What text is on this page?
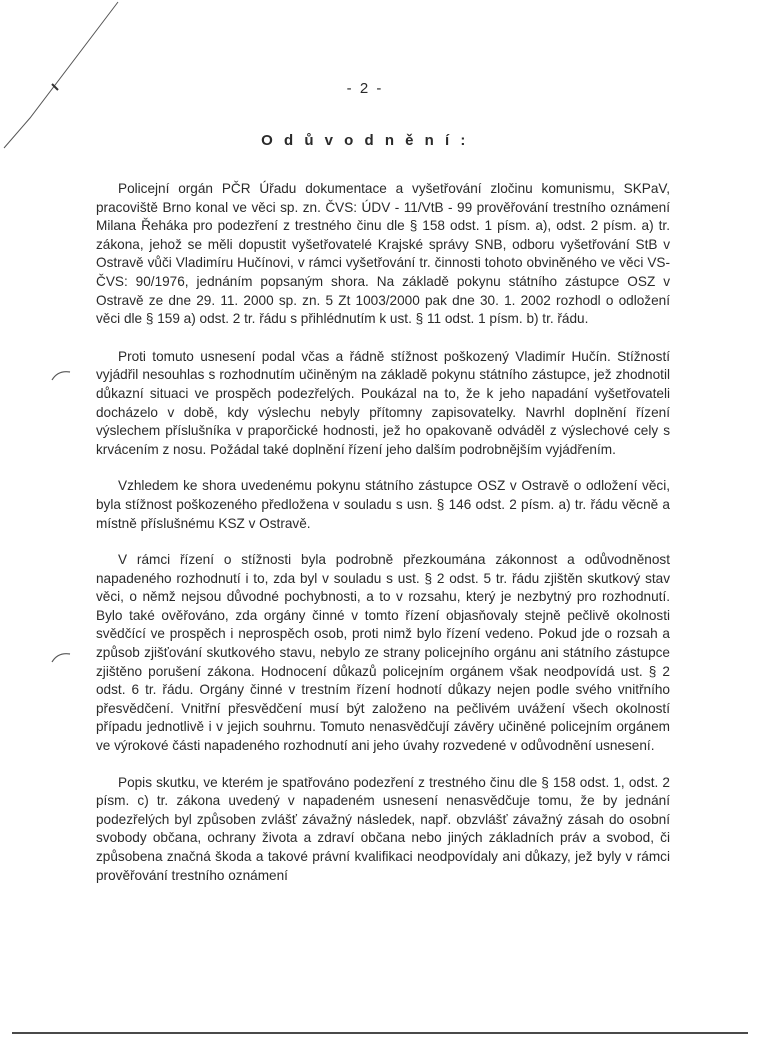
- 2 -
O d ů v o d n ě n í :

Policejní orgán PČR Úřadu dokumentace a vyšetřování zločinu komunismu, SKPaV, pracoviště Brno konal ve věci sp. zn. ČVS: ÚDV - 11/VtB - 99 prověřování trestního oznámení Milana Řeháka pro podezření z trestného činu dle § 158 odst. 1 písm. a), odst. 2 písm. a) tr. zákona, jehož se měli dopustit vyšetřovatelé Krajské správy SNB, odboru vyšetřování StB v Ostravě vůči Vladimíru Hučínovi, v rámci vyšetřování tr. činnosti tohoto obviněného ve věci VS-ČVS: 90/1976, jednáním popsaným shora. Na základě pokynu státního zástupce OSZ v Ostravě ze dne 29. 11. 2000 sp. zn. 5 Zt 1003/2000 pak dne 30. 1. 2002 rozhodl o odložení věci dle § 159 a) odst. 2 tr. řádu s přihlédnutím k ust. § 11 odst. 1 písm. b) tr. řádu.

Proti tomuto usnesení podal včas a řádně stížnost poškozený Vladimír Hučín. Stížností vyjádřil nesouhlas s rozhodnutím učiněným na základě pokynu státního zástupce, jež zhodnotil důkazní situaci ve prospěch podezřelých. Poukázal na to, že k jeho napadání vyšetřovateli docházelo v době, kdy výslechu nebyly přítomny zapisovatelky. Navrhl doplnění řízení výslechem příslušníka v praporčické hodnosti, jež ho opakovaně odváděl z výslechové cely s krvácením z nosu. Požádal také doplnění řízení jeho dalším podrobnějším vyjádřením.

Vzhledem ke shora uvedenému pokynu státního zástupce OSZ v Ostravě o odložení věci, byla stížnost poškozeného předložena v souladu s usn. § 146 odst. 2 písm. a) tr. řádu věcně a místně příslušnému KSZ v Ostravě.

V rámci řízení o stížnosti byla podrobně přezkoumána zákonnost a odůvodněnost napadeného rozhodnutí i to, zda byl v souladu s ust. § 2 odst. 5 tr. řádu zjištěn skutkový stav věci, o němž nejsou důvodné pochybnosti, a to v rozsahu, který je nezbytný pro rozhodnutí. Bylo také ověřováno, zda orgány činné v tomto řízení objasňovaly stejně pečlivě okolnosti svědčící ve prospěch i neprospěch osob, proti nimž bylo řízení vedeno. Pokud jde o rozsah a způsob zjišťování skutkového stavu, nebylo ze strany policejního orgánu ani státního zástupce zjištěno porušení zákona. Hodnocení důkazů policejním orgánem však neodpovídá ust. § 2 odst. 6 tr. řádu. Orgány činné v trestním řízení hodnotí důkazy nejen podle svého vnitřního přesvědčení. Vnitřní přesvědčení musí být založeno na pečlivém uvážení všech okolností případu jednotlivě i v jejich souhrnu. Tomuto nenasvědčují závěry učiněné policejním orgánem ve výrokové části napadeného rozhodnutí ani jeho úvahy rozvedené v odůvodnění usnesení.

Popis skutku, ve kterém je spatřováno podezření z trestného činu dle § 158 odst. 1, odst. 2 písm. c) tr. zákona uvedený v napadeném usnesení nenasvědčuje tomu, že by jednání podezřelých byl způsoben zvlášť závažný následek, např. obzvlášť závažný zásah do osobní svobody občana, ochrany života a zdraví občana nebo jiných základních práv a svobod, či způsobena značná škoda a takové právní kvalifikaci neodpovídaly ani důkazy, jež byly v rámci prověřování trestního oznámení
